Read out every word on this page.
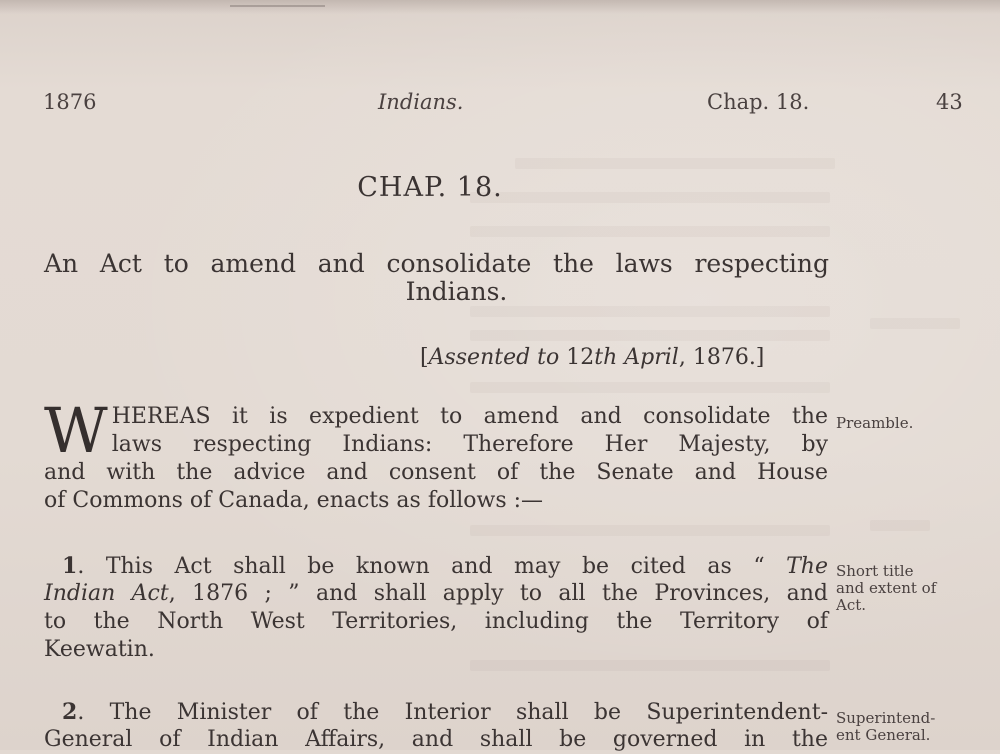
1876	Indians.	Chap. 18.	43
CHAP. 18.
An Act to amend and consolidate the laws respecting
Indians.
[Assented to 12th April, 1876.]
W HEREAS it is expedient to amend and consolidate the
laws respecting Indians: Therefore Her Majesty, by
and with the advice and consent of the Senate and House
of Commons of Canada, enacts as follows :—
1. This Act shall be known and may be cited as “ The
Indian Act, 1876 ; ” and shall apply to all the Provinces, and
to the North West Territories, including the Territory of
Keewatin.
2. The Minister of the Interior shall be Superintendent-
General of Indian Affairs, and shall be governed in the
Preamble.
Short title
and extent of
Act.
Superintend-
ent General.
